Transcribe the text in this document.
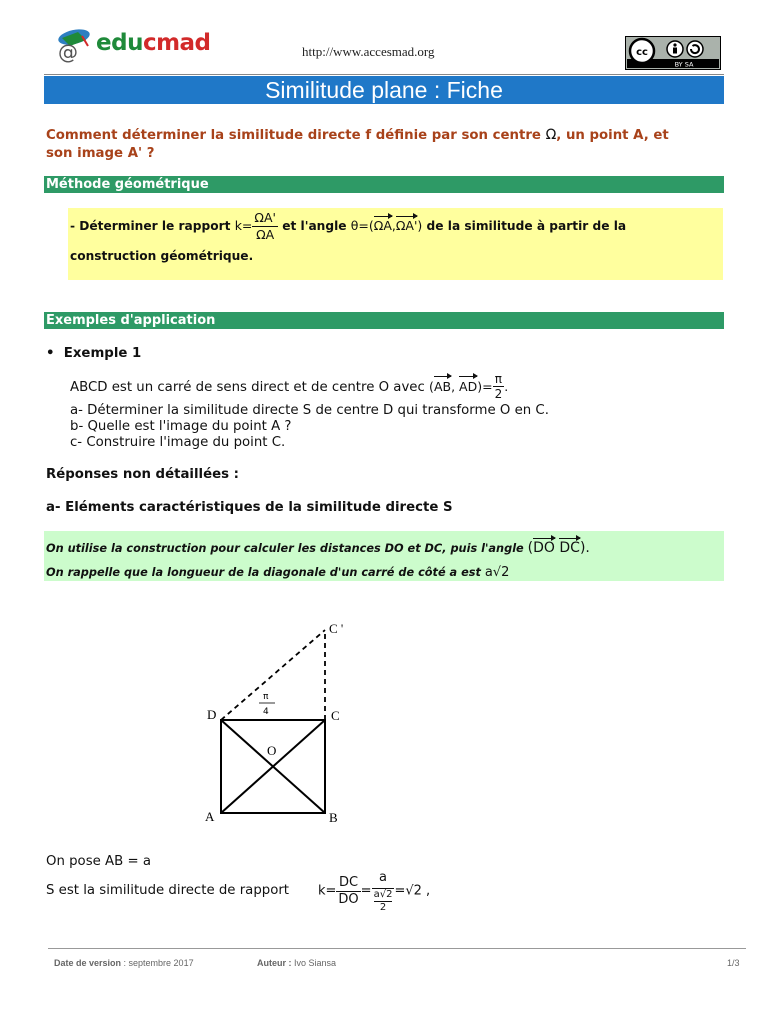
@ educmad	http://www.accesmad.org	cc
BY SA
Similitude plane : Fiche
Comment déterminer la similitude directe f définie par son centre Ω, un point A, et
son image A' ?
Méthode géométrique
- Déterminer le rapport $k= \frac{\Omega A'}{\Omega A}$ et l'angle θ=(ΩA,ΩA') de la similitude à partir de la
construction géométrique.
Exemples d'application
• Exemple 1
ABCD est un carré de sens direct et de centre O avec (AB, $AD)= \frac{\pi}{2}$ .
a- Déterminer la similitude directe S de centre D qui transforme O en C.
b- Quelle est l'image du point A ?
c- Construire l'image du point C.
Réponses non détaillées :
a- Eléments caractéristiques de la similitude directe S
On utilise la construction pour calculer les distances DO et DC, puis l'angle (DO DC).
On rappelle que la longueur de la diagonale d'un carré de côté a est a√2
A	B
C
D
O
C '
π
4
On pose AB = a
S est la similitude directe de rapport $k= \frac{DC}{DO} = a$
a√2
2 =√2 ,
Date de version : septembre 2017	Auteur : Ivo Siansa	1/3
